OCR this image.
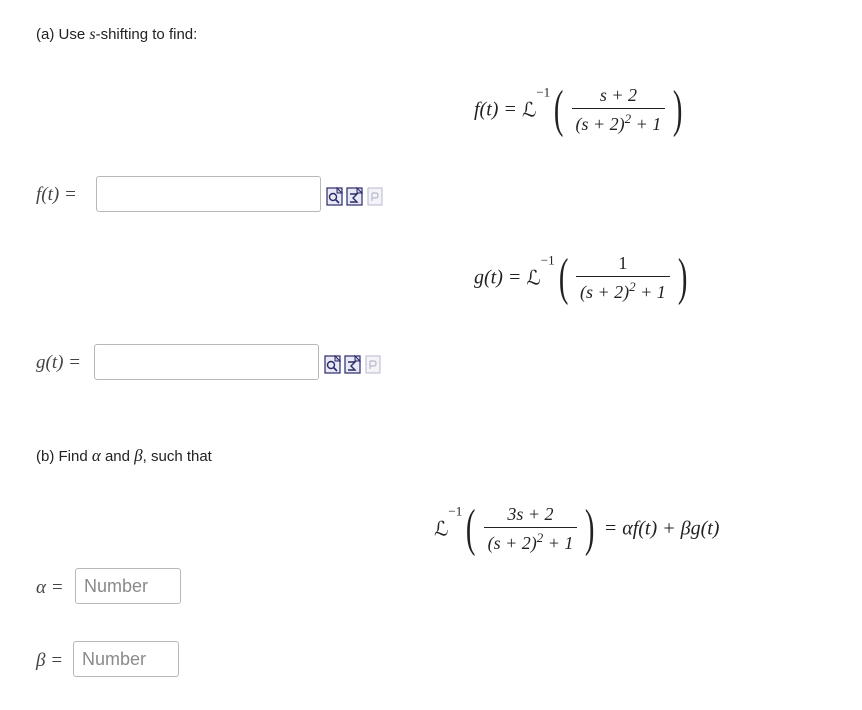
(a) Use s-shifting to find:
f(t) = ℒ$^{-1}$( $\frac{s + 2}{(s + 2)^2 + 1}$ )
f(t) =
g(t) = ℒ$^{-1}$( $\frac{1}{(s + 2)^2 + 1}$ )
g(t) =
(b) Find α and β, such that
ℒ$^{-1}$( $\frac{3s + 2}{(s + 2)^2 + 1}$ ) = αf(t) + βg(t)
α =
Number
β =
Number
